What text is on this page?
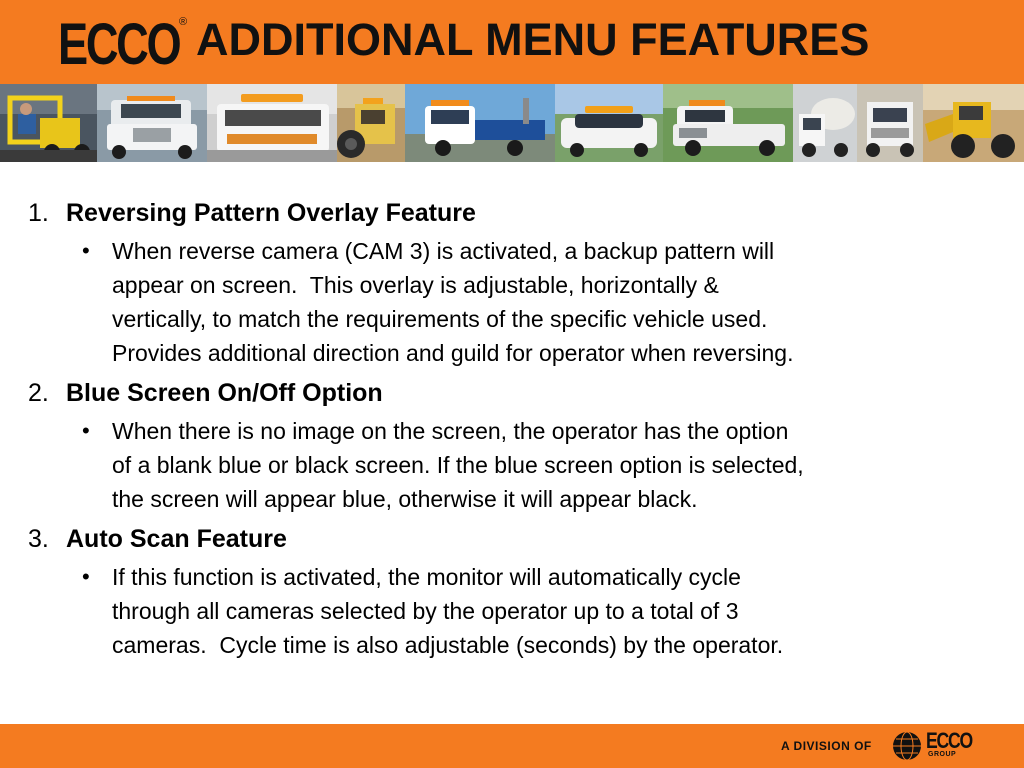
ECCO ® ADDITIONAL MENU FEATURES
1. Reversing Pattern Overlay Feature
• When reverse camera (CAM 3) is activated, a backup pattern will
appear on screen.  This overlay is adjustable, horizontally &
vertically, to match the requirements of the specific vehicle used.
Provides additional direction and guild for operator when reversing.
2. Blue Screen On/Off Option
• When there is no image on the screen, the operator has the option
of a blank blue or black screen. If the blue screen option is selected,
the screen will appear blue, otherwise it will appear black.
3. Auto Scan Feature
• If this function is activated, the monitor will automatically cycle
through all cameras selected by the operator up to a total of 3
cameras.  Cycle time is also adjustable (seconds) by the operator.
A DIVISION OF ECCO
GROUP
